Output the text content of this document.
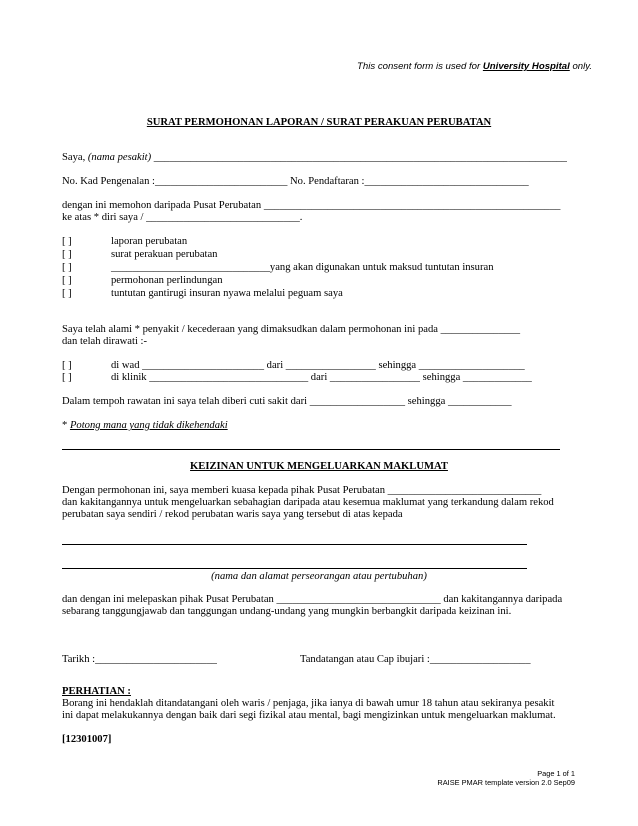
This consent form is used for University Hospital only.
SURAT PERMOHONAN LAPORAN / SURAT PERAKUAN PERUBATAN
Saya, (nama pesakit) ______________________________________________________________________________
No. Kad Pengenalan :_________________________ No. Pendaftaran :_______________________________
dengan ini memohon daripada Pusat Perubatan ________________________________________________________
ke atas * diri saya / _____________________________.
[ ]	laporan perubatan
[ ]	surat perakuan perubatan
[ ]	______________________________yang akan digunakan untuk maksud tuntutan insuran
[ ]	permohonan perlindungan
[ ]	tuntutan gantirugi insuran nyawa melalui peguam saya
Saya telah alami * penyakit / kecederaan yang dimaksudkan dalam permohonan ini pada _______________
dan telah dirawati :-
[ ]	di wad _______________________ dari _________________ sehingga ____________________
[ ]	di klinik ______________________________ dari _________________ sehingga _____________
Dalam tempoh rawatan ini saya telah diberi cuti sakit dari __________________ sehingga ____________
* Potong mana yang tidak dikehendaki
KEIZINAN UNTUK MENGELUARKAN MAKLUMAT
Dengan permohonan ini, saya memberi kuasa kepada pihak Pusat Perubatan _____________________________
dan kakitangannya untuk mengeluarkan sebahagian daripada atau kesemua maklumat yang terkandung dalam rekod
perubatan saya sendiri / rekod perubatan waris saya yang tersebut di atas kepada
(nama dan alamat perseorangan atau pertubuhan)
dan dengan ini melepaskan pihak Pusat Perubatan _______________________________ dan kakitangannya daripada
sebarang tanggungjawab dan tanggungan undang-undang yang mungkin berbangkit daripada keizinan ini.
Tarikh :_______________________	Tandatangan atau Cap ibujari :___________________
PERHATIAN :
Borang ini hendaklah ditandatangani oleh waris / penjaga, jika ianya di bawah umur 18 tahun atau sekiranya pesakit
ini dapat melakukannya dengan baik dari segi fizikal atau mental, bagi mengizinkan untuk mengeluarkan maklumat.
[12301007]
Page 1 of 1
RAISE PMAR template version 2.0 Sep09
